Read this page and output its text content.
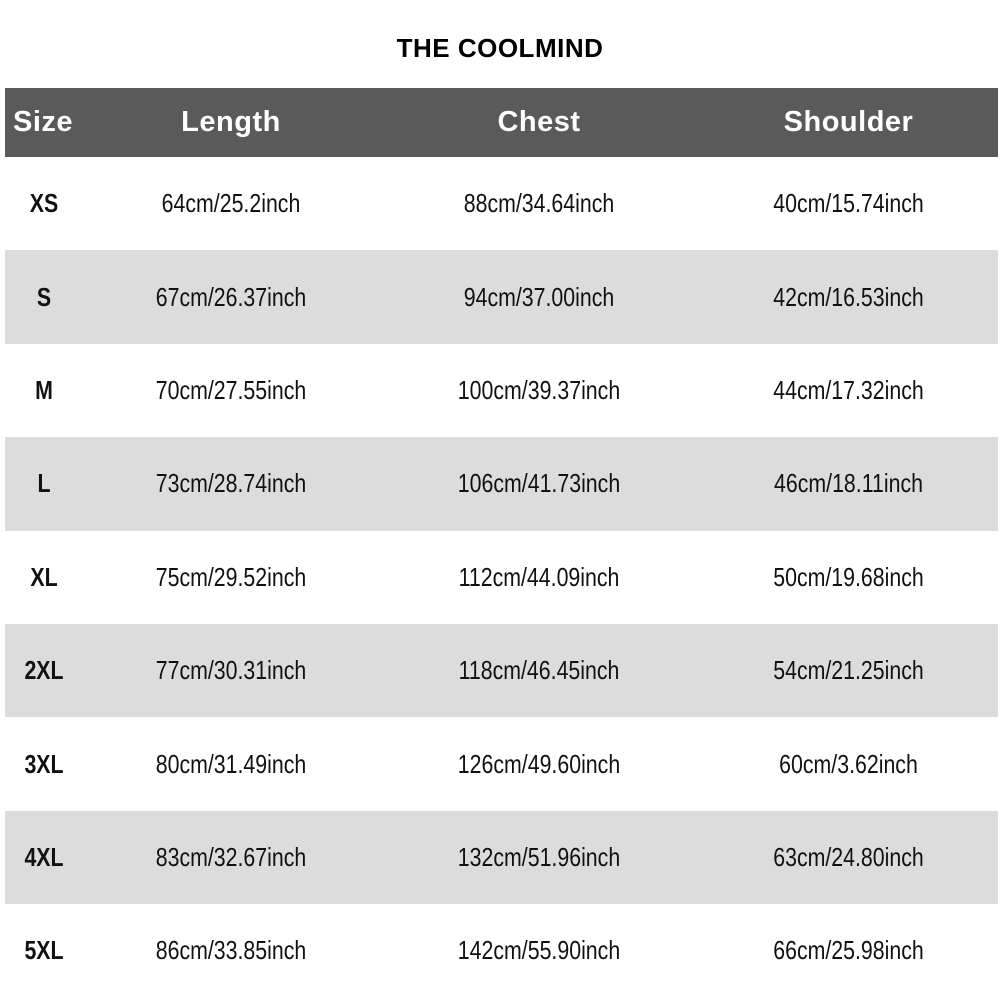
THE COOLMIND
Size	Length	Chest	Shoulder
XS	64cm/25.2inch	88cm/34.64inch	40cm/15.74inch
S	67cm/26.37inch	94cm/37.00inch	42cm/16.53inch
M	70cm/27.55inch	100cm/39.37inch	44cm/17.32inch
L	73cm/28.74inch	106cm/41.73inch	46cm/18.11inch
XL	75cm/29.52inch	112cm/44.09inch	50cm/19.68inch
2XL	77cm/30.31inch	118cm/46.45inch	54cm/21.25inch
3XL	80cm/31.49inch	126cm/49.60inch	60cm/3.62inch
4XL	83cm/32.67inch	132cm/51.96inch	63cm/24.80inch
5XL	86cm/33.85inch	142cm/55.90inch	66cm/25.98inch
